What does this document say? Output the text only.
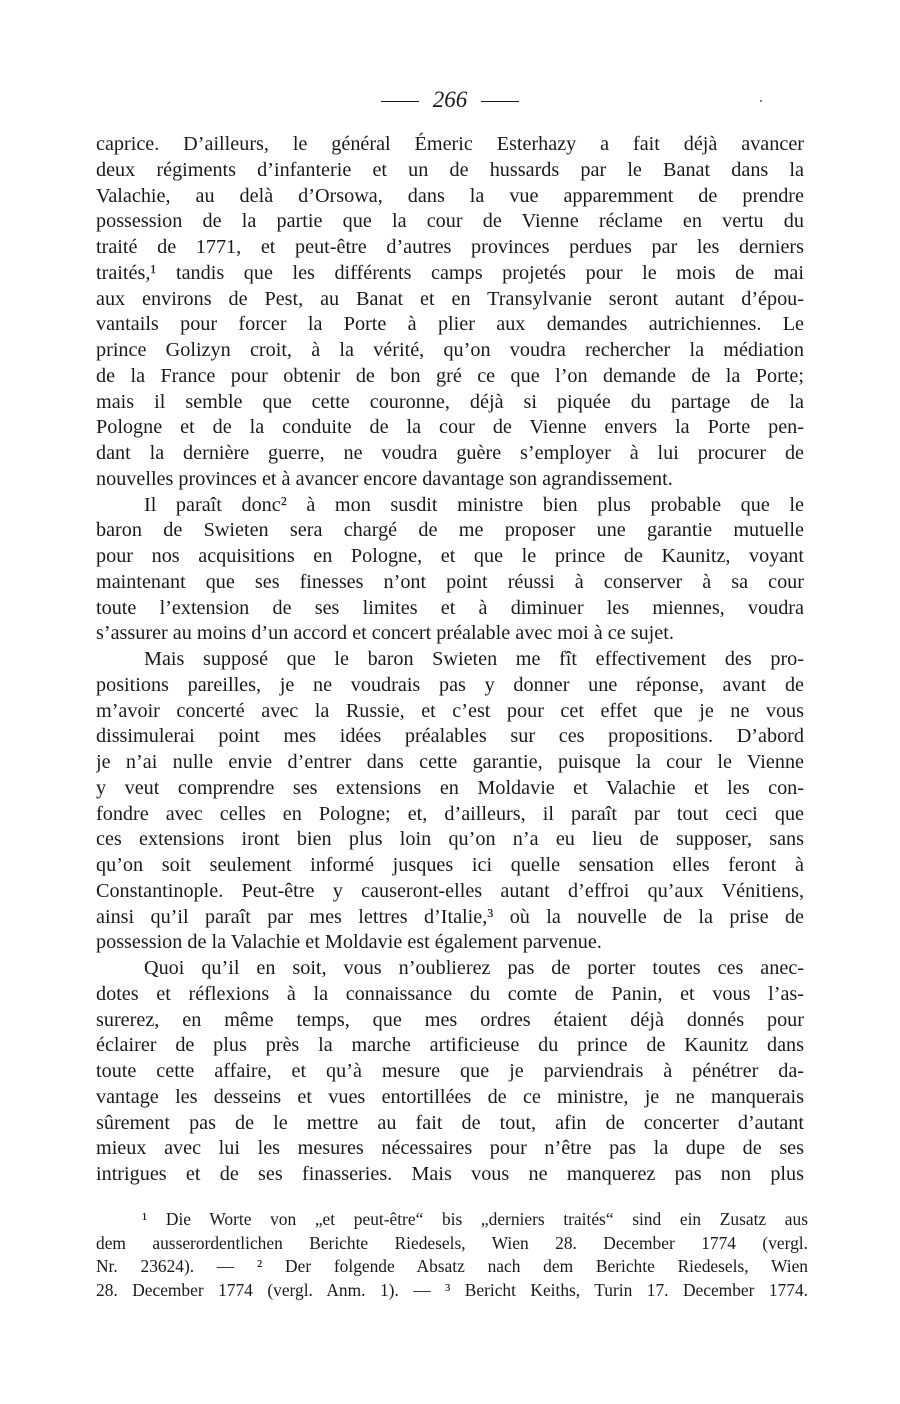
266
caprice. D’ailleurs, le général Émeric Esterhazy a fait déjà avancer
deux régiments d’infanterie et un de hussards par le Banat dans la
Valachie, au delà d’Orsowa, dans la vue apparemment de prendre
possession de la partie que la cour de Vienne réclame en vertu du
traité de 1771, et peut-être d’autres provinces perdues par les derniers
traités,¹ tandis que les différents camps projetés pour le mois de mai
aux environs de Pest, au Banat et en Transylvanie seront autant d’épou-
vantails pour forcer la Porte à plier aux demandes autrichiennes. Le
prince Golizyn croit, à la vérité, qu’on voudra rechercher la médiation
de la France pour obtenir de bon gré ce que l’on demande de la Porte;
mais il semble que cette couronne, déjà si piquée du partage de la
Pologne et de la conduite de la cour de Vienne envers la Porte pen-
dant la dernière guerre, ne voudra guère s’employer à lui procurer de
nouvelles provinces et à avancer encore davantage son agrandissement.
Il paraît donc² à mon susdit ministre bien plus probable que le
baron de Swieten sera chargé de me proposer une garantie mutuelle
pour nos acquisitions en Pologne, et que le prince de Kaunitz, voyant
maintenant que ses finesses n’ont point réussi à conserver à sa cour
toute l’extension de ses limites et à diminuer les miennes, voudra
s’assurer au moins d’un accord et concert préalable avec moi à ce sujet.
Mais supposé que le baron Swieten me fît effectivement des pro-
positions pareilles, je ne voudrais pas y donner une réponse, avant de
m’avoir concerté avec la Russie, et c’est pour cet effet que je ne vous
dissimulerai point mes idées préalables sur ces propositions. D’abord
je n’ai nulle envie d’entrer dans cette garantie, puisque la cour le Vienne
y veut comprendre ses extensions en Moldavie et Valachie et les con-
fondre avec celles en Pologne; et, d’ailleurs, il paraît par tout ceci que
ces extensions iront bien plus loin qu’on n’a eu lieu de supposer, sans
qu’on soit seulement informé jusques ici quelle sensation elles feront à
Constantinople. Peut-être y causeront-elles autant d’effroi qu’aux Vénitiens,
ainsi qu’il paraît par mes lettres d’Italie,³ où la nouvelle de la prise de
possession de la Valachie et Moldavie est également parvenue.
Quoi qu’il en soit, vous n’oublierez pas de porter toutes ces anec-
dotes et réflexions à la connaissance du comte de Panin, et vous l’as-
surerez, en même temps, que mes ordres étaient déjà donnés pour
éclairer de plus près la marche artificieuse du prince de Kaunitz dans
toute cette affaire, et qu’à mesure que je parviendrais à pénétrer da-
vantage les desseins et vues entortillées de ce ministre, je ne manquerais
sûrement pas de le mettre au fait de tout, afin de concerter d’autant
mieux avec lui les mesures nécessaires pour n’être pas la dupe de ses
intrigues et de ses finasseries. Mais vous ne manquerez pas non plus
¹ Die Worte von „et peut-être“ bis „derniers traités“ sind ein Zusatz aus
dem ausserordentlichen Berichte Riedesels, Wien 28. December 1774 (vergl.
Nr. 23624). — ² Der folgende Absatz nach dem Berichte Riedesels, Wien
28. December 1774 (vergl. Anm. 1). — ³ Bericht Keiths, Turin 17. December 1774.
